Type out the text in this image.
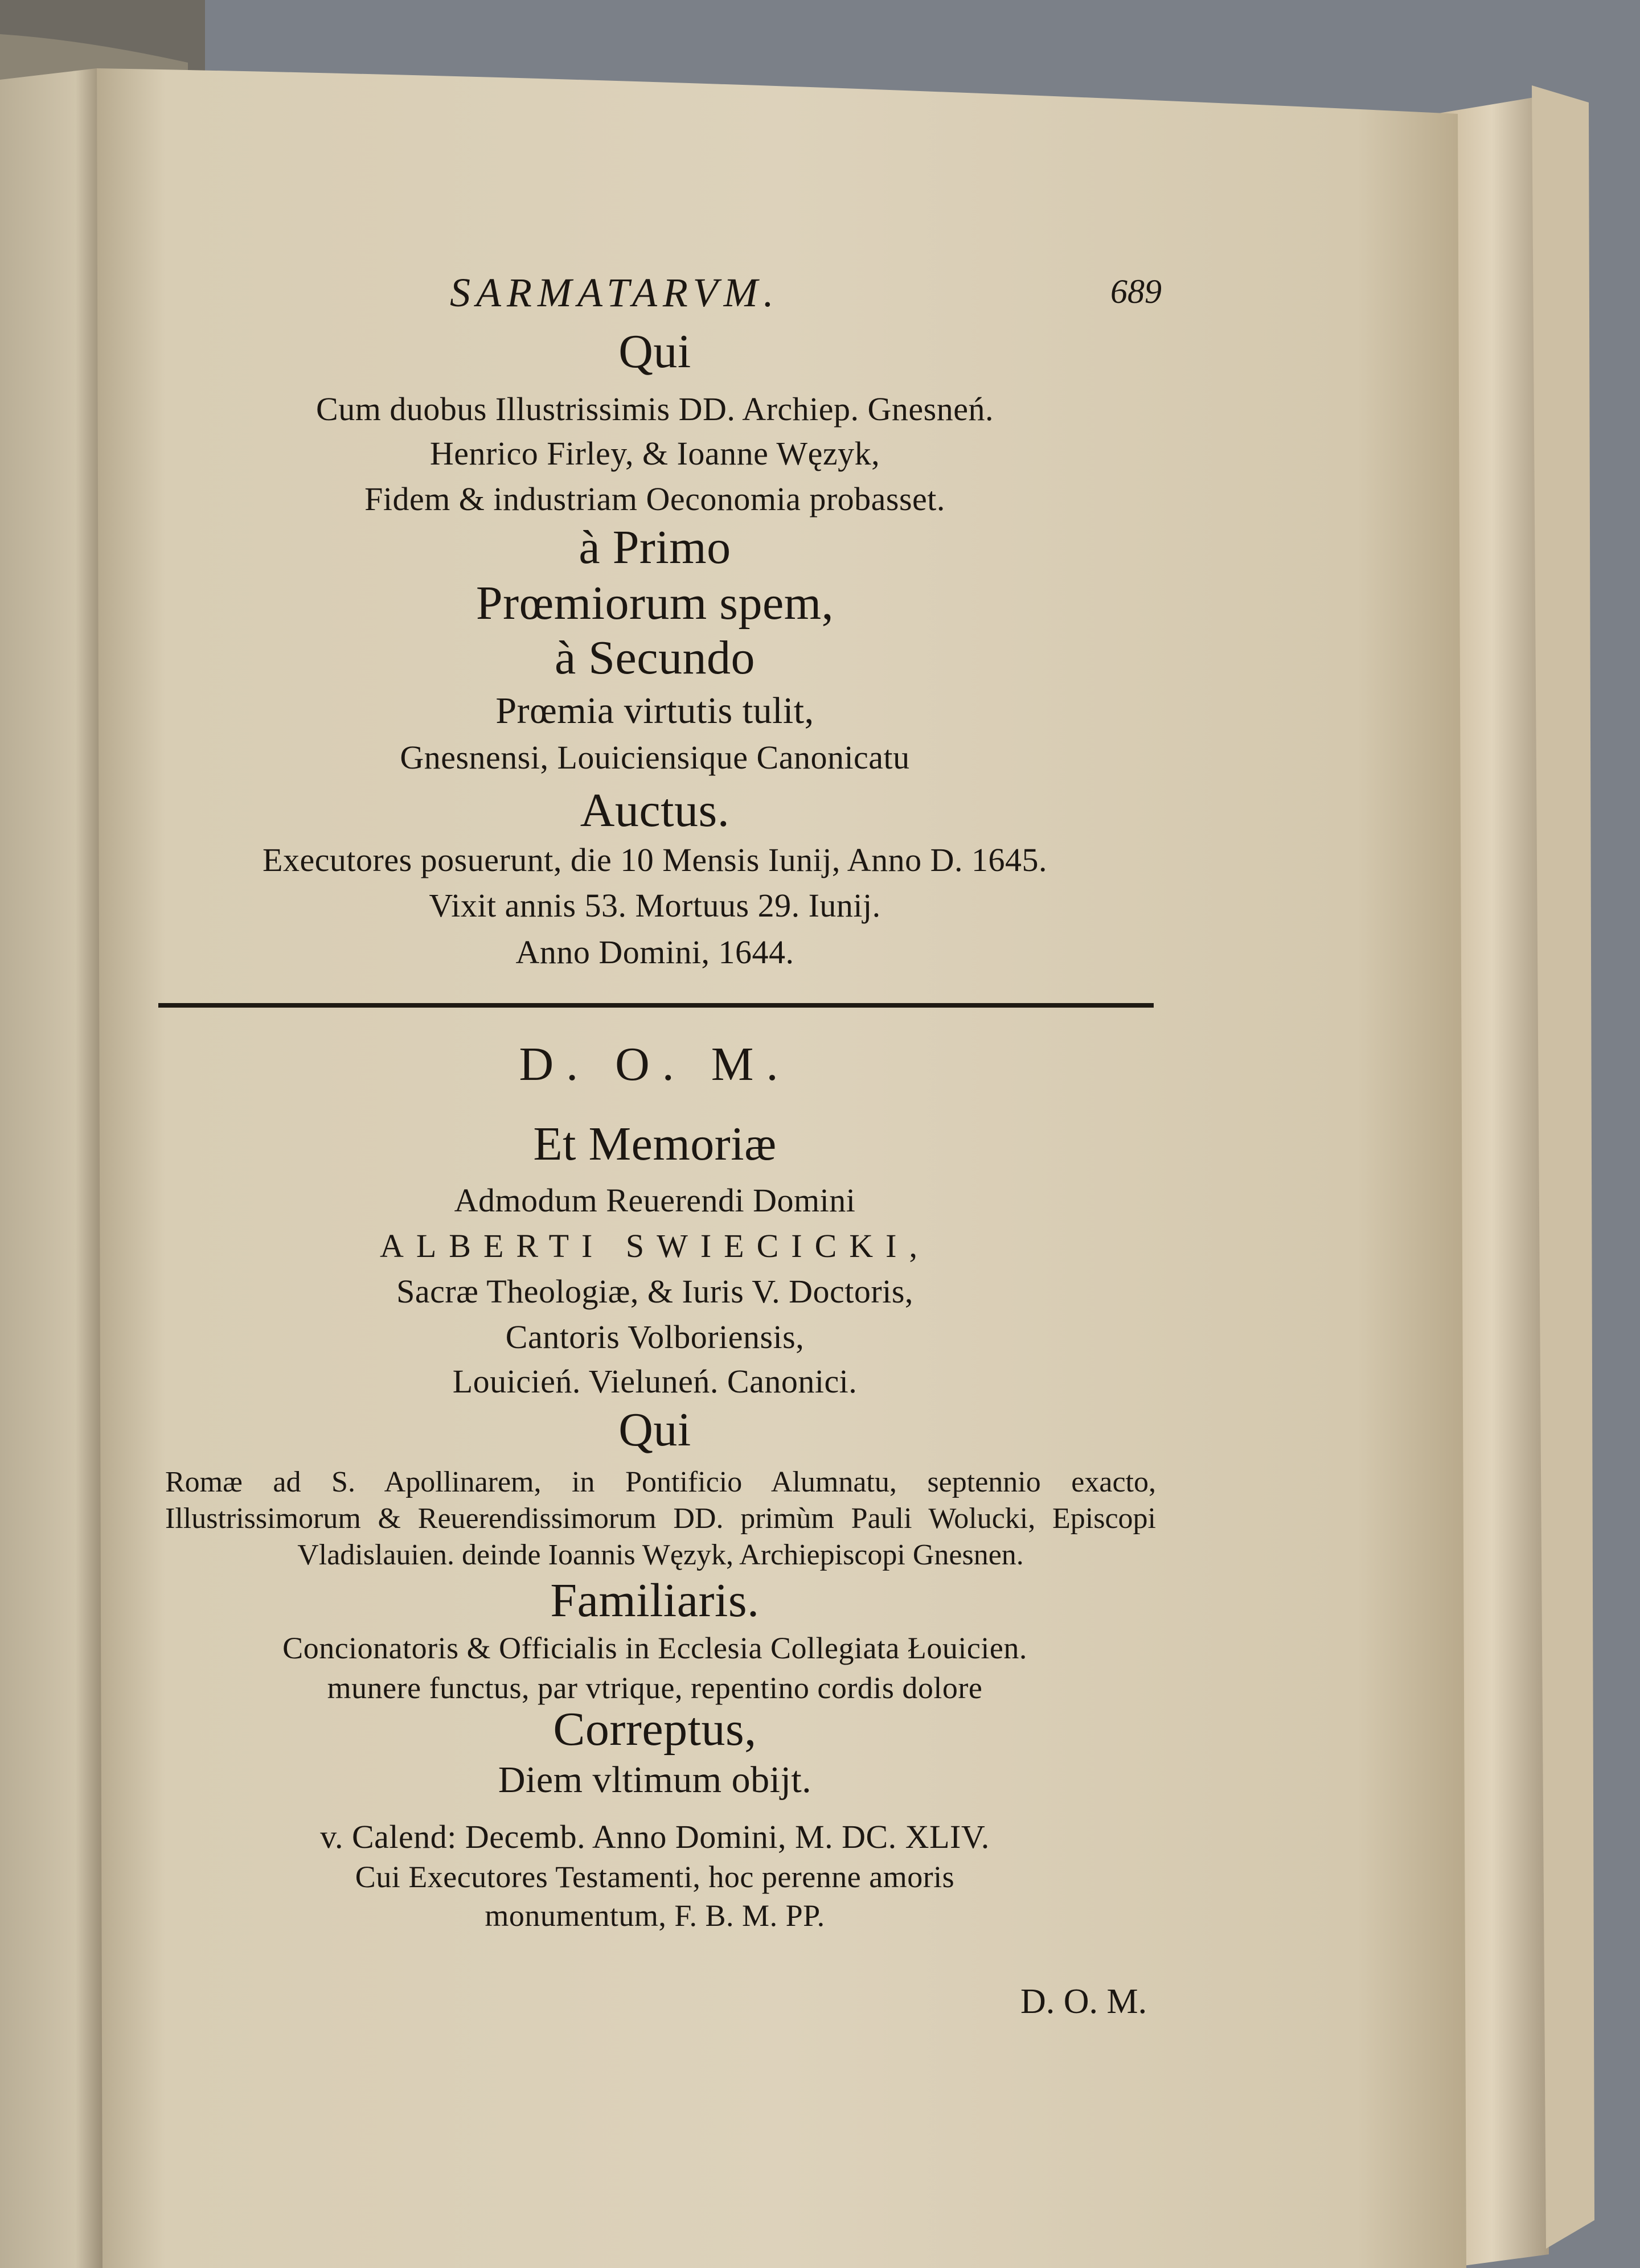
SARMATARVM.	689
Qui
Cum duobus Illustrissimis DD. Archiep. Gnesneń.
Henrico Firley, & Ioanne Węzyk,
Fidem & industriam Oeconomia probasset.
à Primo
Prœmiorum spem,
à Secundo
Prœmia virtutis tulit,
Gnesnensi, Louiciensique Canonicatu
Auctus.
Executores posuerunt, die 10 Mensis Iunij, Anno D. 1645.
Vixit annis 53. Mortuus 29. Iunij.
Anno Domini, 1644.
D. O. M.
Et Memoriæ
Admodum Reuerendi Domini
ALBERTI SWIECICKI,
Sacræ Theologiæ, & Iuris V. Doctoris,
Cantoris Volboriensis,
Louicień. Vieluneń. Canonici.
Qui
Romæ ad S. Apollinarem, in Pontificio Alumnatu, septennio exacto, Illustrissimorum & Reuerendissimorum DD. primùm Pauli Wolucki, Episcopi Vladislauien. deinde Ioannis Węzyk, Archiepiscopi Gnesnen.
Familiaris.
Concionatoris & Officialis in Ecclesia Collegiata Łouicien.
munere functus, par vtrique, repentino cordis dolore
Correptus,
Diem vltimum obijt.
v. Calend: Decemb. Anno Domini, M. DC. XLIV.
Cui Executores Testamenti, hoc perenne amoris
monumentum, F. B. M. PP.
D. O. M.
